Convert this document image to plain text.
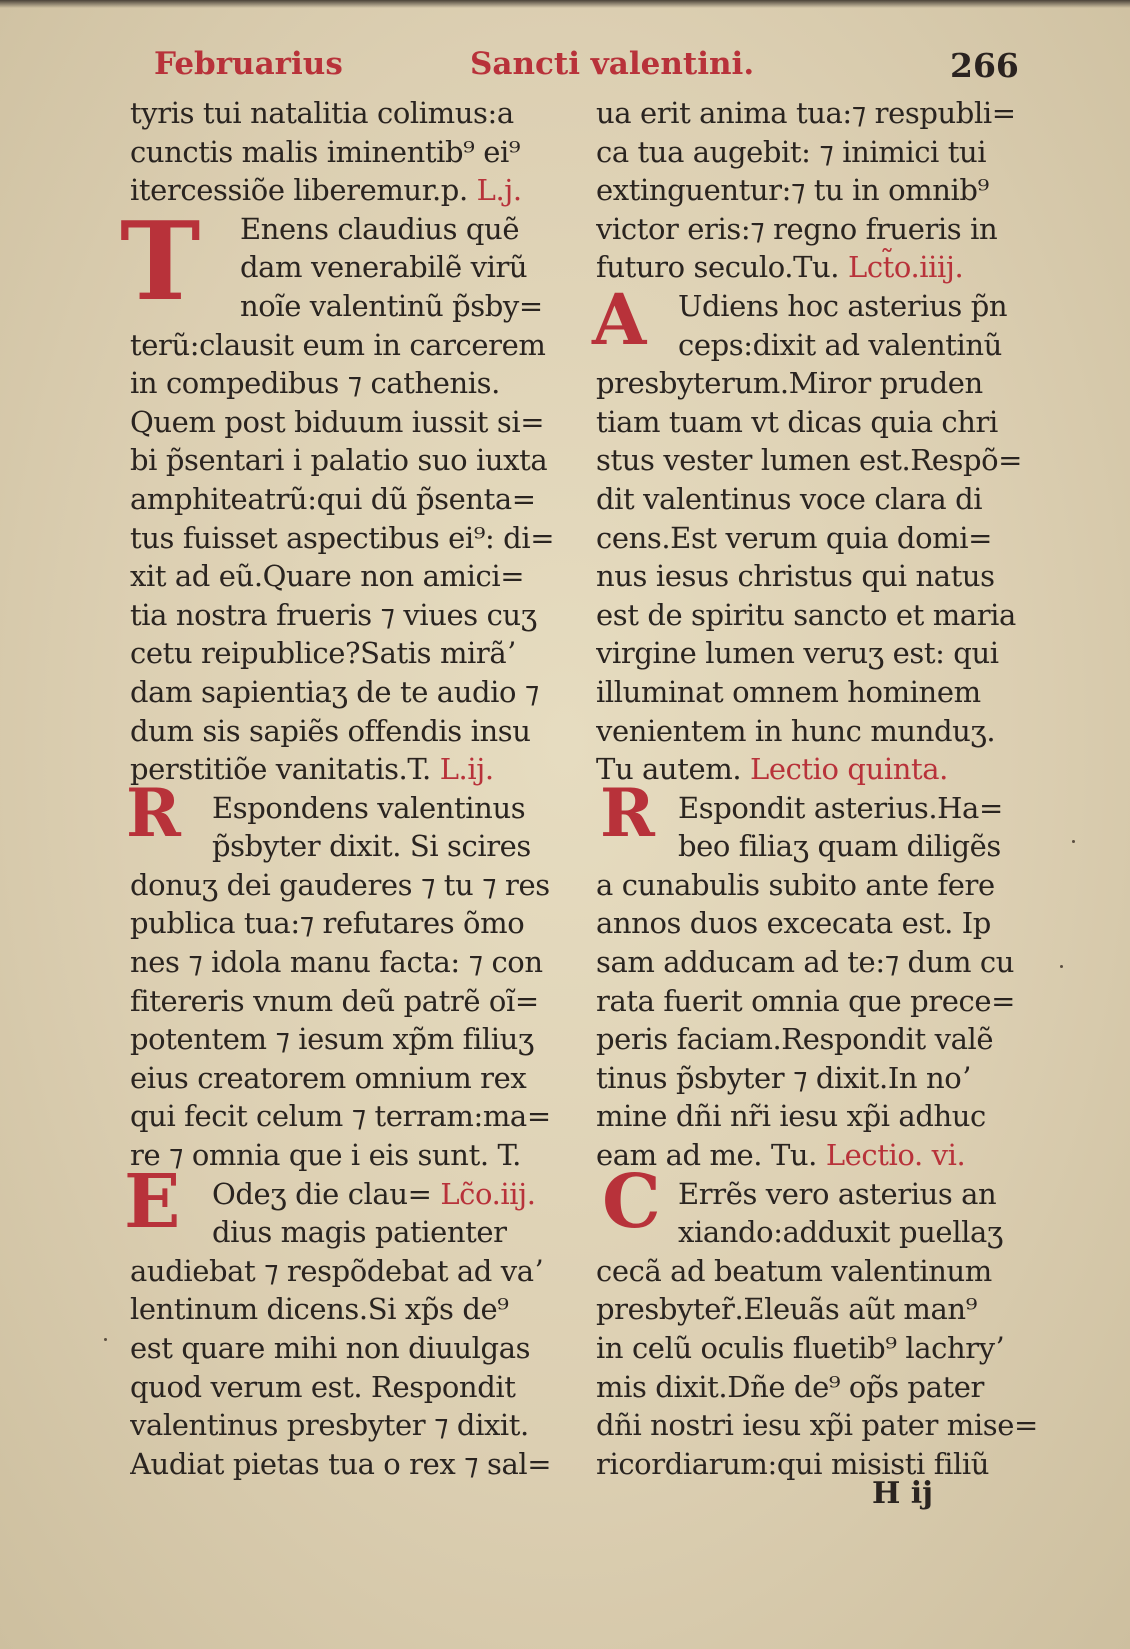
Februarius	Sancti valentini.	266
tyris tui natalitia colimus:a
cunctis malis iminentib⁹ ei⁹
itercessiõe liberemur.p. L.j.
Enens claudius quẽ
dam venerabilẽ virũ
noĩe valentinũ p̃sby=
terũ:clausit eum in carcerem
in compedibus ⁊ cathenis.
Quem post biduum iussit si=
bi p̃sentari i palatio suo iuxta
amphiteatrũ:qui dũ p̃senta=
tus fuisset aspectibus ei⁹: di=
xit ad eũ.Quare non amici=
tia nostra frueris ⁊ viues cuʒ
cetu reipublice?Satis mirãʼ
dam sapientiaʒ de te audio ⁊
dum sis sapiẽs offendis insu
perstitiõe vanitatis.T. L.ij.
Espondens valentinus
p̃sbyter dixit. Si scires
donuʒ dei gauderes ⁊ tu ⁊ res
publica tua:⁊ refutares õmo
nes ⁊ idola manu facta: ⁊ con
fitereris vnum deũ patrẽ oĩ=
potentem ⁊ iesum xp̃m filiuʒ
eius creatorem omnium rex
qui fecit celum ⁊ terram:ma=
re ⁊ omnia que i eis sunt. T.
Odeʒ die clau= Lc̃o.iij.
dius magis patienter
audiebat ⁊ respõdebat ad vaʼ
lentinum dicens.Si xp̃s de⁹
est quare mihi non diuulgas
quod verum est. Respondit
valentinus presbyter ⁊ dixit.
Audiat pietas tua o rex ⁊ sal=
ua erit anima tua:⁊ respubli=
ca tua augebit: ⁊ inimici tui
extinguentur:⁊ tu in omnib⁹
victor eris:⁊ regno frueris in
futuro seculo.Tu. Lct̃o.iiij.
Udiens hoc asterius p̃n
ceps:dixit ad valentinũ
presbyterum.Miror pruden
tiam tuam vt dicas quia chri
stus vester lumen est.Respõ=
dit valentinus voce clara di
cens.Est verum quia domi=
nus iesus christus qui natus
est de spiritu sancto et maria
virgine lumen veruʒ est: qui
illuminat omnem hominem
venientem in hunc munduʒ.
Tu autem. Lectio quinta.
Espondit asterius.Ha=
beo filiaʒ quam diligẽs
a cunabulis subito ante fere
annos duos excecata est. Ip
sam adducam ad te:⁊ dum cu
rata fuerit omnia que prece=
peris faciam.Respondit valẽ
tinus p̃sbyter ⁊ dixit.In noʼ
mine dñi nr̃i iesu xp̃i adhuc
eam ad me. Tu. Lectio. vi.
Errẽs vero asterius an
xiando:adduxit puellaʒ
cecã ad beatum valentinum
presbyter̃.Eleuãs aũt man⁹
in celũ oculis fluetib⁹ lachryʼ
mis dixit.Dñe de⁹ op̃s pater
dñi nostri iesu xp̃i pater mise=
ricordiarum:qui misisti filiũ
T
R
E
A
R
C
H ij
